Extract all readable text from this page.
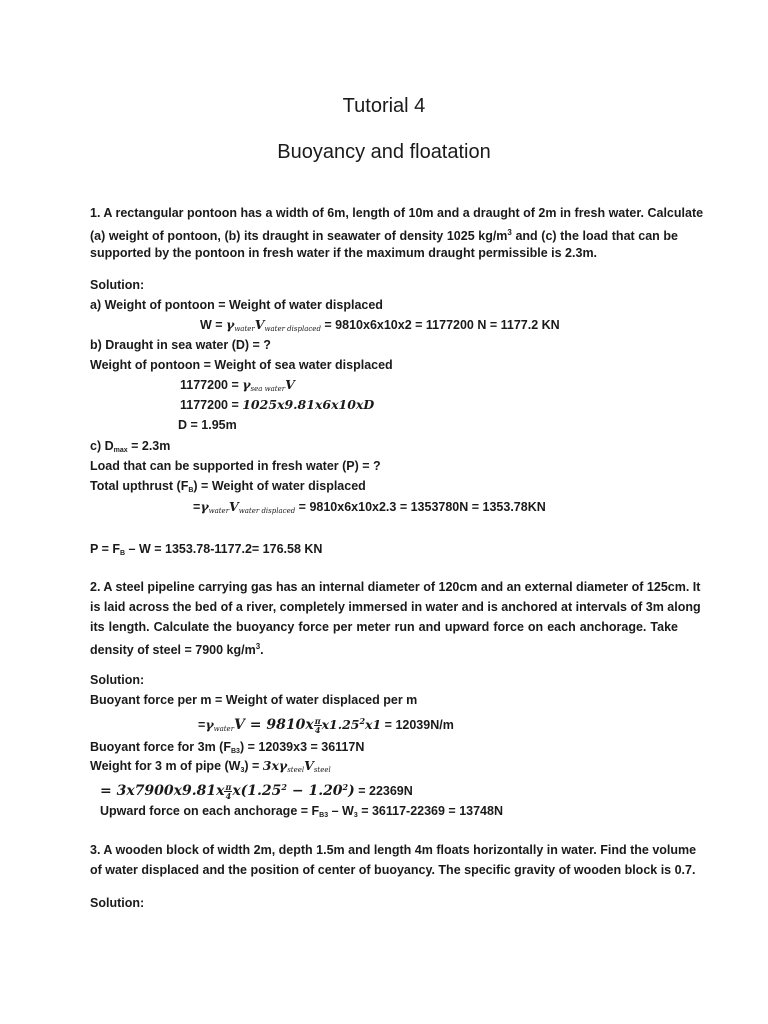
Tutorial 4
Buoyancy and floatation
1. A rectangular pontoon has a width of 6m, length of 10m and a draught of 2m in fresh water. Calculate
(a) weight of pontoon, (b) its draught in seawater of density 1025 $kg/m^3$ and (c) the load that can be
supported by the pontoon in fresh water if the maximum draught permissible is 2.3m.
Solution:
a) Weight of pontoon = Weight of water displaced
$W = \gamma_{water}V_{water displaced} = 9810x6x10x2 = 1177200$ N = 1177.2 KN
b) Draught in sea water (D) = ?
Weight of pontoon = Weight of sea water displaced
$1177200 = \gamma_{sea water}V$
1177200 = 1025x9.81x6x10xD
D = 1.95m
c) $D_{max} = 2.3m$
Load that can be supported in fresh water (P) = ?
Total upthrust $(F_B)$ = Weight of water displaced
$=\gamma_{water}V_{water displaced} = 9810x6x10x2.3 = 1353780N = 1353.78KN$
$P = F_B - W = 1353.78-1177.2= 176.58$ KN
2. A steel pipeline carrying gas has an internal diameter of 120cm and an external diameter of 125cm. It
is laid across the bed of a river, completely immersed in water and is anchored at intervals of 3m along
its length. Calculate the buoyancy force per meter run and upward force on each anchorage. Take
density of steel = 7900 $kg/m^3$.
Solution:
Buoyant force per m = Weight of water displaced per m
$=\gamma_{water}V = 9810x \frac{\pi}{4} x1.25^2x1 = 12039N/m$
Buoyant force for 3m $(F_{B3}) = 12039x3 = 36117N$
Weight for 3 m of pipe $(W_3) = 3x\gamma_{steel}V_{steel}$
= $3x7900x9.81x \frac{\pi}{4} x(1.25^2 - 1.20^2) = 22369N$
Upward force on each anchorage = $F_{B3} - W_3 = 36117-22369 = 13748N$
3. A wooden block of width 2m, depth 1.5m and length 4m floats horizontally in water. Find the volume
of water displaced and the position of center of buoyancy. The specific gravity of wooden block is 0.7.
Solution:
